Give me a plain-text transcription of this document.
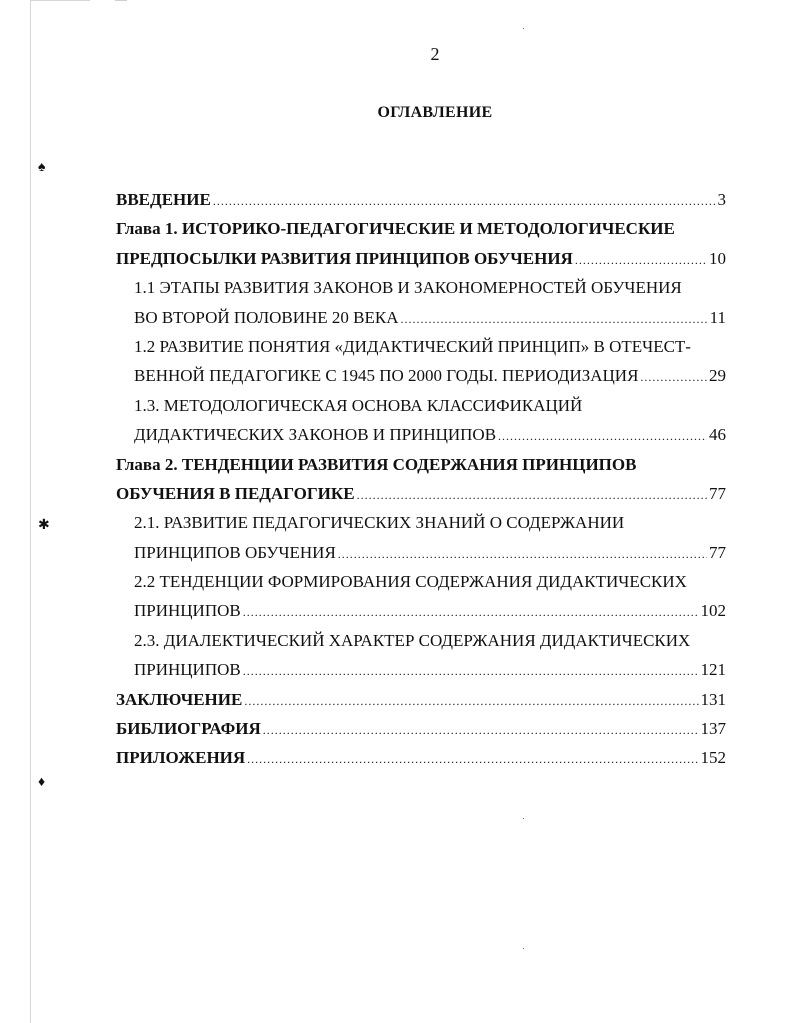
♠
✱
♦
2
ОГЛАВЛЕНИЕ
ВВЕДЕНИЕ .....	3
Глава 1. ИСТОРИКО-ПЕДАГОГИЧЕСКИЕ И МЕТОДОЛОГИЧЕСКИЕ
ПРЕДПОСЫЛКИ РАЗВИТИЯ ПРИНЦИПОВ ОБУЧЕНИЯ .....	10
1.1 ЭТАПЫ РАЗВИТИЯ ЗАКОНОВ И ЗАКОНОМЕРНОСТЕЙ ОБУЧЕНИЯ
ВО ВТОРОЙ ПОЛОВИНЕ 20 ВЕКА .....	11
1.2 РАЗВИТИЕ ПОНЯТИЯ «ДИДАКТИЧЕСКИЙ ПРИНЦИП» В ОТЕЧЕСТ-
ВЕННОЙ ПЕДАГОГИКЕ С 1945 ПО 2000 ГОДЫ. ПЕРИОДИЗАЦИЯ .....	29
1.3. МЕТОДОЛОГИЧЕСКАЯ ОСНОВА КЛАССИФИКАЦИЙ
ДИДАКТИЧЕСКИХ ЗАКОНОВ И ПРИНЦИПОВ .....	46
Глава 2. ТЕНДЕНЦИИ РАЗВИТИЯ СОДЕРЖАНИЯ ПРИНЦИПОВ
ОБУЧЕНИЯ В ПЕДАГОГИКЕ .....	77
2.1. РАЗВИТИЕ ПЕДАГОГИЧЕСКИХ ЗНАНИЙ О СОДЕРЖАНИИ
ПРИНЦИПОВ ОБУЧЕНИЯ .....	77
2.2 ТЕНДЕНЦИИ ФОРМИРОВАНИЯ СОДЕРЖАНИЯ ДИДАКТИЧЕСКИХ
ПРИНЦИПОВ .....	102
2.3. ДИАЛЕКТИЧЕСКИЙ ХАРАКТЕР СОДЕРЖАНИЯ ДИДАКТИЧЕСКИХ
ПРИНЦИПОВ .....	121
ЗАКЛЮЧЕНИЕ .....	131
БИБЛИОГРАФИЯ .....	137
ПРИЛОЖЕНИЯ .....	152
